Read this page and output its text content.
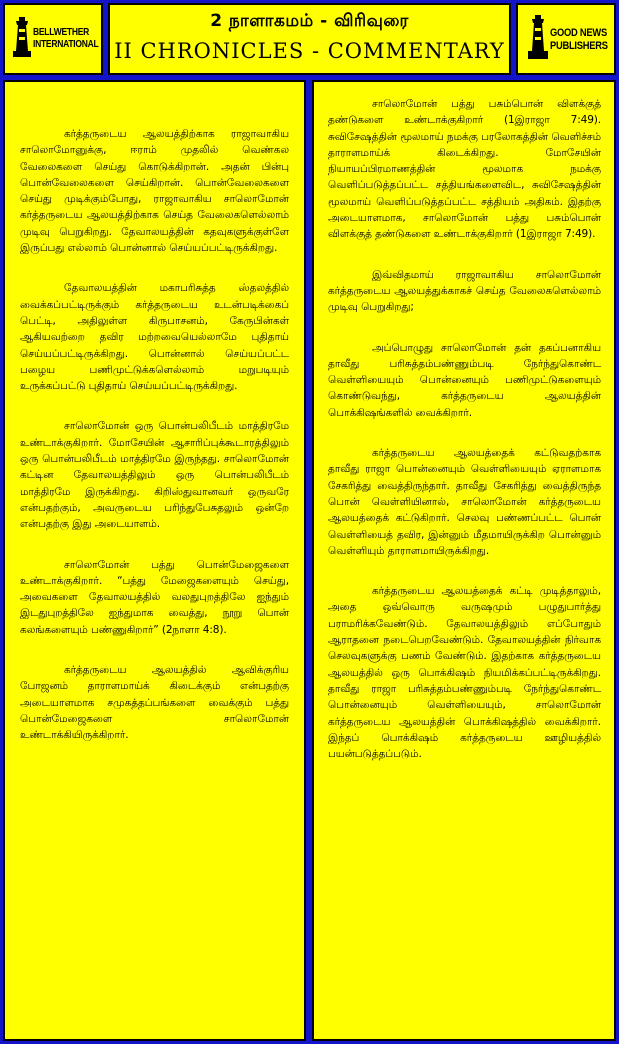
BELLWETHER
INTERNATIONAL
2 நாளாகமம் - விரிவுரை
II CHRONICLES - COMMENTARY
GOOD NEWS
PUBLISHERS

கர்த்தருடைய ஆலயத்திற்காக ராஜாவாகிய சாலொமோனுக்கு, ஈராம் முதலில் வெண்கல வேலைகளை செய்து கொடுக்கிறான். அதன் பின்பு பொன்வேலைகளை செய்கிறான். பொன்வேலைகளை செய்து முடிக்கும்போது, ராஜாவாகிய சாலொமோன் கர்த்தருடைய ஆலயத்திற்காக செய்த வேலைகளெல்லாம் முடிவு பெறுகிறது. தேவாலயத்தின் கதவுகளுக்குள்ளே இருப்பது எல்லாம் பொன்னால் செய்யப்பட்டிருக்கிறது.

தேவாலயத்தின் மகாபரிசுத்த ஸ்தலத்தில் வைக்கப்பட்டிருக்கும் கர்த்தருடைய உடன்படிக்கைப் பெட்டி, அதிலுள்ள கிருபாசனம், கேருபின்கள் ஆகியவற்றை தவிர மற்றவையெல்லாமே புதிதாய் செய்யப்பட்டிருக்கிறது. பொன்னால் செய்யப்பட்ட பழைய பணிமுட்டுக்களெல்லாம் மறுபடியும் உருக்கப்பட்டு புதிதாய் செய்யப்பட்டிருக்கிறது.

சாலொமோன் ஒரு பொன்பலிபீடம் மாத்திரமே உண்டாக்குகிறார். மோசேயின் ஆசாரிப்புக்கூடாரத்திலும் ஒரு பொன்பலிபீடம் மாத்திரமே இருந்தது. சாலொமோன் கட்டின தேவாலயத்திலும் ஒரு பொன்பலிபீடம் மாத்திரமே இருக்கிறது. கிறிஸ்துவானவர் ஒருவரே என்பதற்கும், அவருடைய பரிந்துபேசுதலும் ஒன்றே என்பதற்கு இது அடையாளம்.

சாலொமோன் பத்து பொன்மேஜைகளை உண்டாக்குகிறார். “பத்து மேஜைகளையும் செய்து, அவைகளை தேவாலயத்தில் வலதுபுறத்திலே ஐந்தும் இடதுபுறத்திலே ஐந்துமாக வைத்து, நூறு பொன் கலங்களையும் பண்ணுகிறார்” (2நாளா 4:8).

கர்த்தருடைய ஆலயத்தில் ஆவிக்குரிய போஜனம் தாராளமாய்க் கிடைக்கும் என்பதற்கு அடையாளமாக சமுகத்தப்பங்களை வைக்கும் பத்து பொன்மேஜைகளை சாலொமோன் உண்டாக்கியிருக்கிறார்.

சாலொமோன் பத்து பசும்பொன் விளக்குத் தண்டுகளை உண்டாக்குகிறார் (1இராஜா 7:49). சுவிசேஷத்தின் மூலமாய் நமக்கு பரலோகத்தின் வெளிச்சம் தாராளமாய்க் கிடைக்கிறது. மோசேயின் நியாயப்பிரமாணத்தின் மூலமாக நமக்கு வெளிப்படுத்தப்பட்ட சத்தியங்களைவிட, சுவிசேஷத்தின் மூலமாய் வெளிப்படுத்தப்பட்ட சத்தியம் அதிகம். இதற்கு அடையாளமாக, சாலொமோன் பத்து பசும்பொன் விளக்குத் தண்டுகளை உண்டாக்குகிறார் (1இராஜா 7:49).

இவ்விதமாய் ராஜாவாகிய சாலொமோன் கர்த்தருடைய ஆலயத்துக்காகச் செய்த வேலைகளெல்லாம் முடிவு பெறுகிறது;

அப்பொழுது சாலொமோன் தன் தகப்பனாகிய தாவீது பரிசுத்தம்பண்ணும்படி நேர்ந்துகொண்ட வெள்ளியையும் பொன்னையும் பணிமுட்டுகளையும் கொண்டுவந்து, கர்த்தருடைய ஆலயத்தின் பொக்கிஷங்களில் வைக்கிறார்.

கர்த்தருடைய ஆலயத்தைக் கட்டுவதற்காக தாவீது ராஜா பொன்னையும் வெள்ளியையும் ஏராளமாக சேகரித்து வைத்திருந்தார். தாவீது சேகரித்து வைத்திருந்த பொன் வெள்ளியினால், சாலொமோன் கர்த்தருடைய ஆலயத்தைக் கட்டுகிறார். செலவு பண்ணப்பட்ட பொன் வெள்ளியைத் தவிர, இன்னும் மீதமாயிருக்கிற பொன்னும் வெள்ளியும் தாராளமாயிருக்கிறது.

கர்த்தருடைய ஆலயத்தைக் கட்டி முடித்தாலும், அதை ஒவ்வொரு வருஷமும் பழுதுபார்த்து பராமரிக்கவேண்டும். தேவாலயத்திலும் எப்போதும் ஆராதனை நடைபெறவேண்டும். தேவாலயத்தின் நிர்வாக செலவுகளுக்கு பணம் வேண்டும். இதற்காக கர்த்தருடைய ஆலயத்தில் ஒரு பொக்கிஷம் நியமிக்கப்பட்டிருக்கிறது. தாவீது ராஜா பரிசுத்தம்பண்ணும்படி நேர்ந்துகொண்ட பொன்னையும் வெள்ளியையும், சாலொமோன் கர்த்தருடைய ஆலயத்தின் பொக்கிஷத்தில் வைக்கிறார். இந்தப் பொக்கிஷம் கர்த்தருடைய ஊழியத்தில் பயன்படுத்தப்படும்.
